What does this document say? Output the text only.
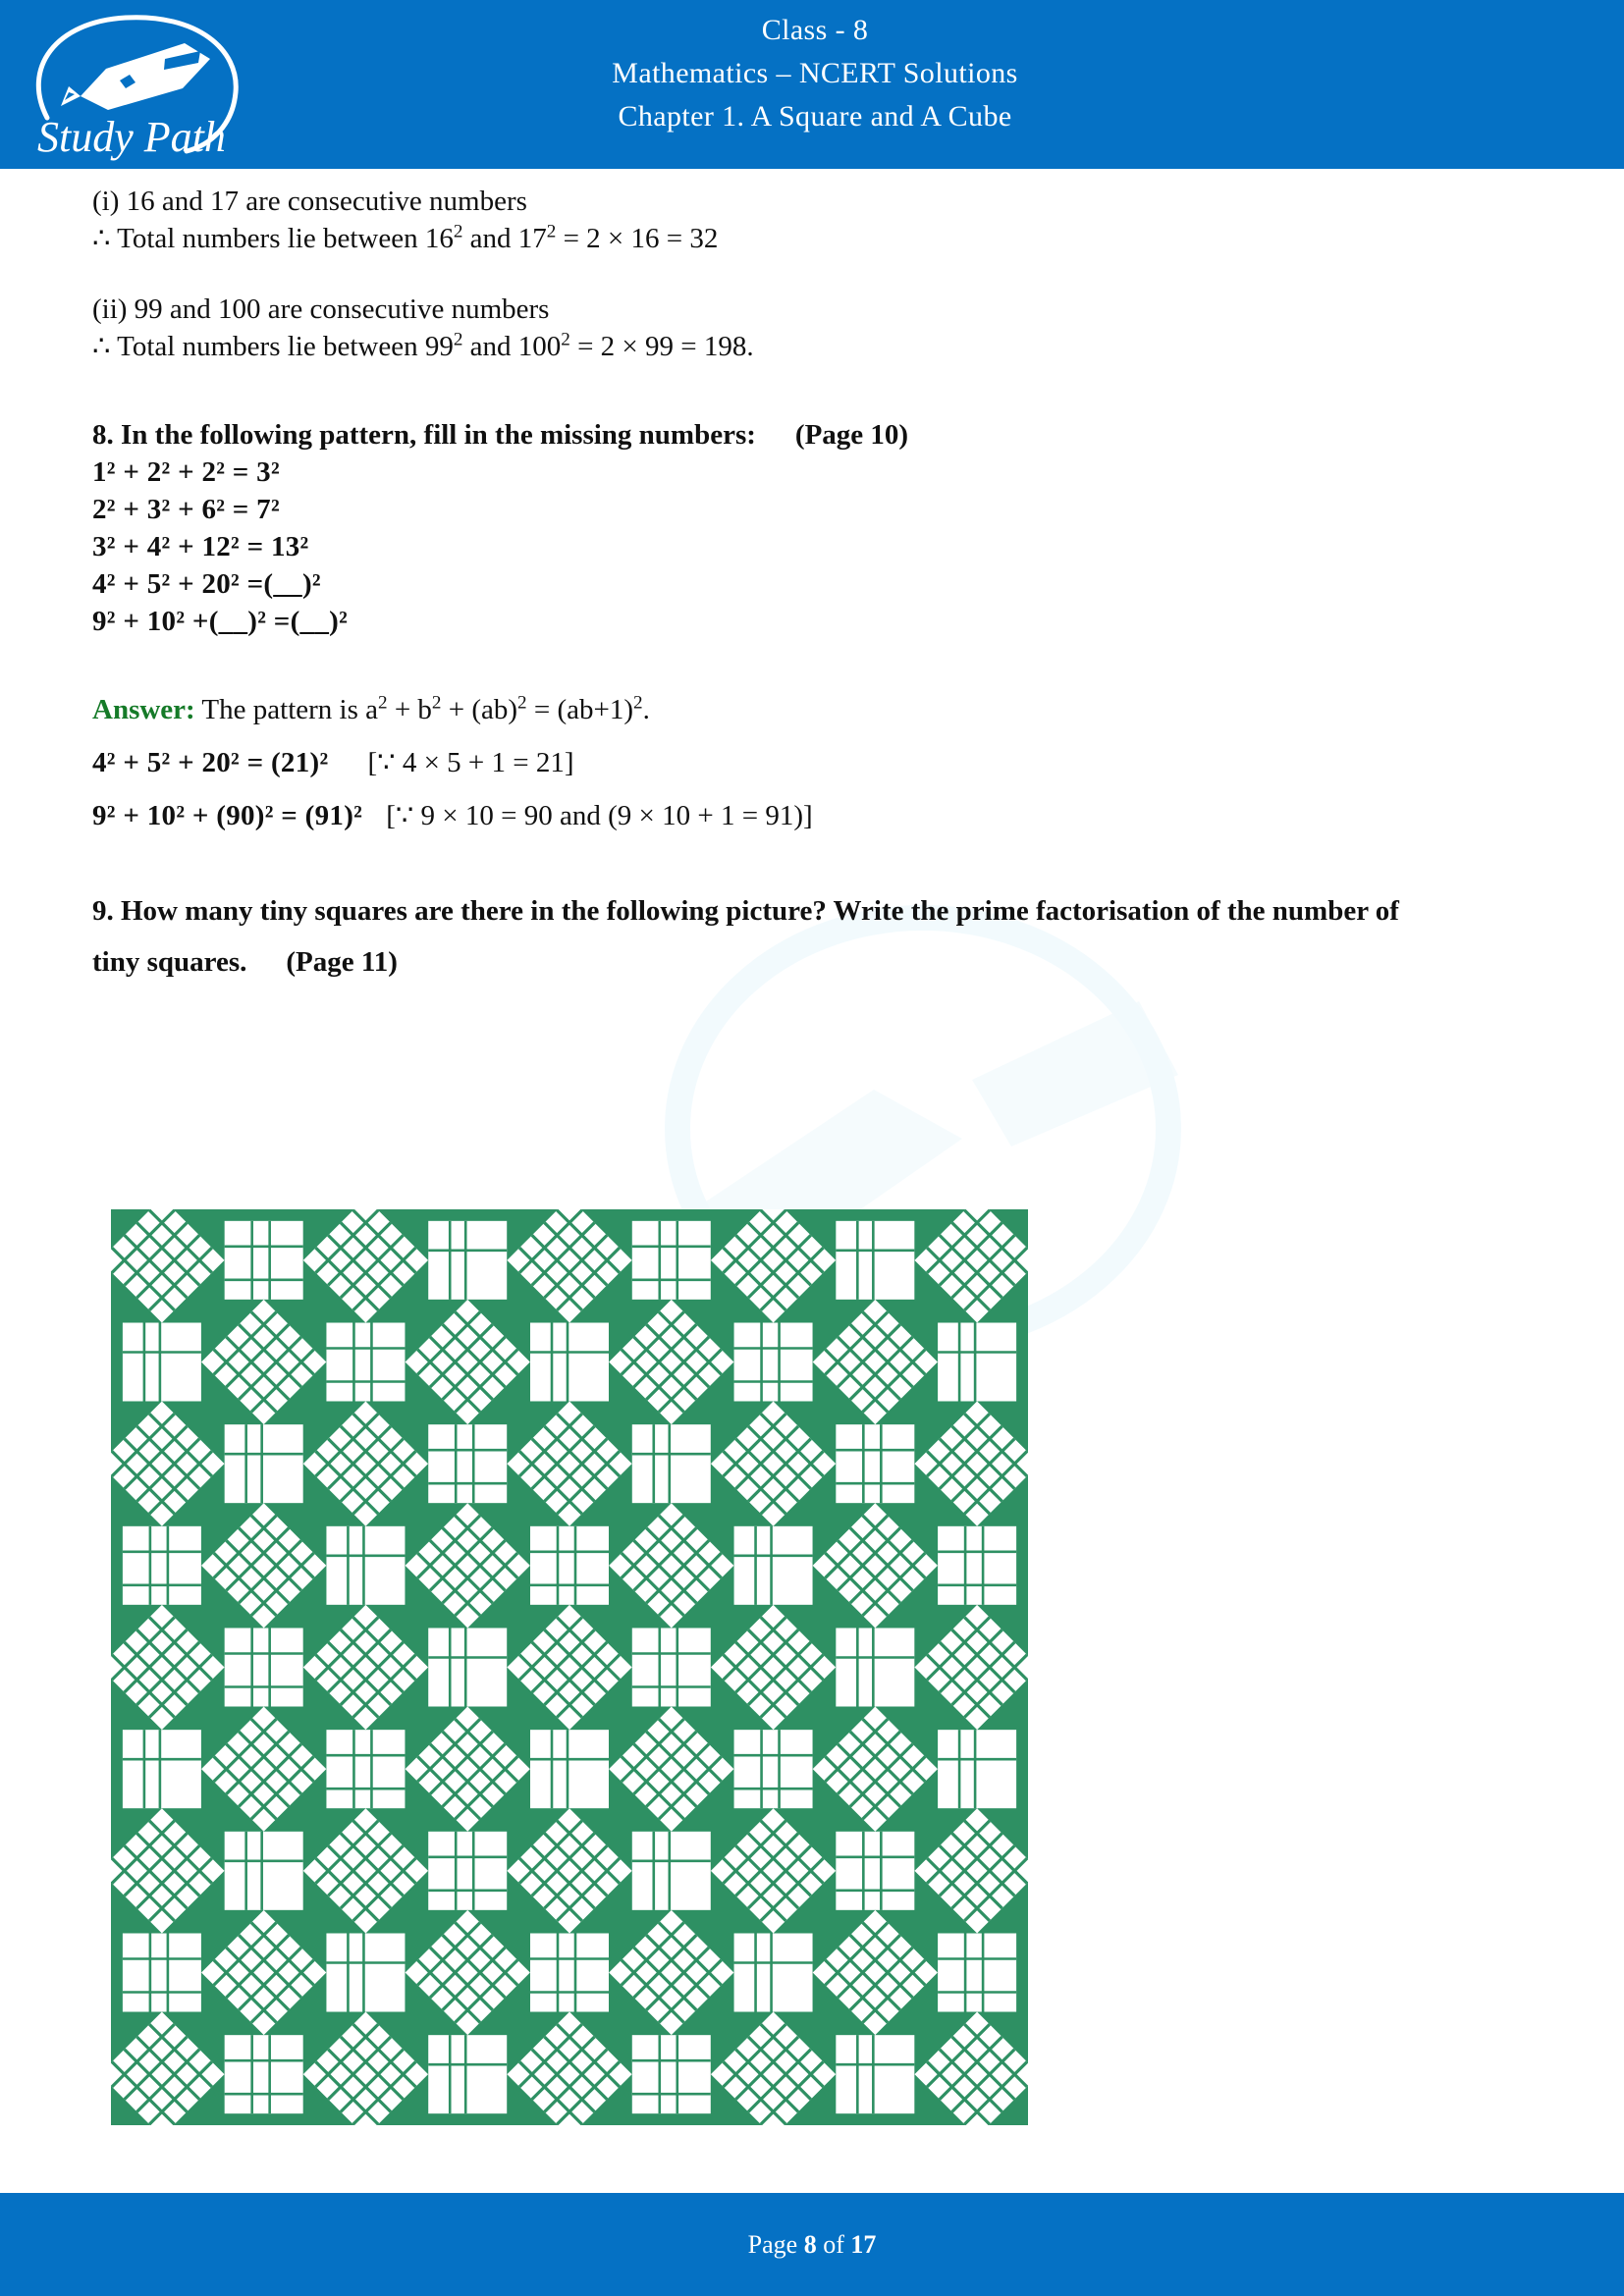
Study Path
Class - 8
Mathematics – NCERT Solutions
Chapter 1. A Square and A Cube

(i) 16 and 17 are consecutive numbers

∴ Total numbers lie between $16^2$ and $17^2 = 2 \times 16 = 32$

(ii) 99 and 100 are consecutive numbers

∴ Total numbers lie between $99^2$ and $100^2 = 2 \times 99 = 198$.

8. In the following pattern, fill in the missing numbers: (Page 10)

1² + 2² + 2² = 3²

2² + 3² + 6² = 7²

3² + 4² + 12² = 13²

4² + 5² + 20² =(__)²

9² + 10² +(__)² =(__)²

Answer: The pattern is $a^2 + b^2 + (ab)^2 = (ab+1)^2$.

4² + 5² + 20² = (21)² [∵ 4 × 5 + 1 = 21]

9² + 10² + (90)² = (91)² [∵ 9 × 10 = 90 and (9 × 10 + 1 = 91)]

9. How many tiny squares are there in the following picture? Write the prime factorisation of the number of tiny squares. (Page 11)

Page 8 of 17
